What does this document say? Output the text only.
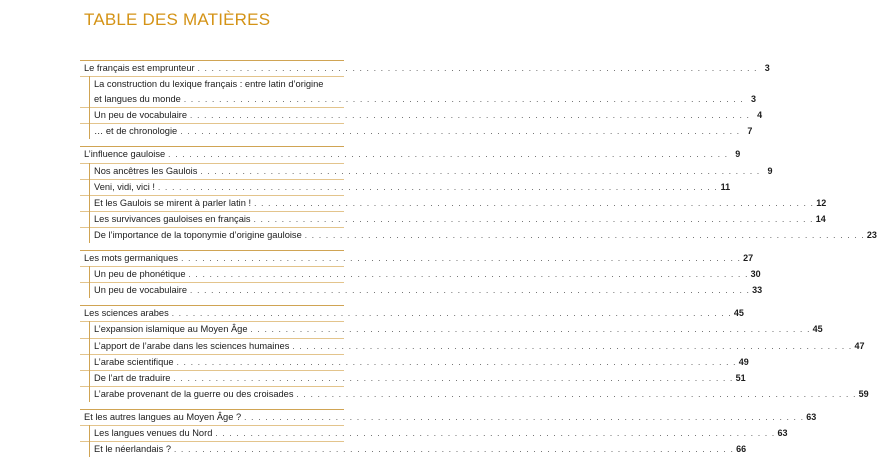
TABLE DES MATIÈRES
Le français est emprunteur . . . . . . . . . . . . . . . . . . . . . . . . . . . . . . . . . . . . . . . . . . . . . . . . . . . . . . . . . . . . . . . . . . . . . . . . . . . . . . . . 3
La construction du lexique français : entre latin d’origine
et langues du monde . . . . . . . . . . . . . . . . . . . . . . . . . . . . . . . . . . . . . . . . . . . . . . . . . . . . . . . . . . . . . . . . . . . . . . . . . . . . . . . . 3
Un peu de vocabulaire . . . . . . . . . . . . . . . . . . . . . . . . . . . . . . . . . . . . . . . . . . . . . . . . . . . . . . . . . . . . . . . . . . . . . . . . . . . . . . . . 4
… et de chronologie . . . . . . . . . . . . . . . . . . . . . . . . . . . . . . . . . . . . . . . . . . . . . . . . . . . . . . . . . . . . . . . . . . . . . . . . . . . . . . . . 7
L’influence gauloise . . . . . . . . . . . . . . . . . . . . . . . . . . . . . . . . . . . . . . . . . . . . . . . . . . . . . . . . . . . . . . . . . . . . . . . . . . . . . . . . 9
Nos ancêtres les Gaulois . . . . . . . . . . . . . . . . . . . . . . . . . . . . . . . . . . . . . . . . . . . . . . . . . . . . . . . . . . . . . . . . . . . . . . . . . . . . . . . . 9
Veni, vidi, vici ! . . . . . . . . . . . . . . . . . . . . . . . . . . . . . . . . . . . . . . . . . . . . . . . . . . . . . . . . . . . . . . . . . . . . . . . . . . . . . . . . 11
Et les Gaulois se mirent à parler latin ! . . . . . . . . . . . . . . . . . . . . . . . . . . . . . . . . . . . . . . . . . . . . . . . . . . . . . . . . . . . . . . . . . . . . . . . . . . . . . . . . 12
Les survivances gauloises en français . . . . . . . . . . . . . . . . . . . . . . . . . . . . . . . . . . . . . . . . . . . . . . . . . . . . . . . . . . . . . . . . . . . . . . . . . . . . . . . . 14
De l’importance de la toponymie d’origine gauloise . . . . . . . . . . . . . . . . . . . . . . . . . . . . . . . . . . . . . . . . . . . . . . . . . . . . . . . . . . . . . . . . . . . . . . . . . . . . . . . . 23
Les mots germaniques . . . . . . . . . . . . . . . . . . . . . . . . . . . . . . . . . . . . . . . . . . . . . . . . . . . . . . . . . . . . . . . . . . . . . . . . . . . . . . . . 27
Un peu de phonétique . . . . . . . . . . . . . . . . . . . . . . . . . . . . . . . . . . . . . . . . . . . . . . . . . . . . . . . . . . . . . . . . . . . . . . . . . . . . . . . . 30
Un peu de vocabulaire . . . . . . . . . . . . . . . . . . . . . . . . . . . . . . . . . . . . . . . . . . . . . . . . . . . . . . . . . . . . . . . . . . . . . . . . . . . . . . . . 33
Les sciences arabes . . . . . . . . . . . . . . . . . . . . . . . . . . . . . . . . . . . . . . . . . . . . . . . . . . . . . . . . . . . . . . . . . . . . . . . . . . . . . . . . 45
L’expansion islamique au Moyen Âge . . . . . . . . . . . . . . . . . . . . . . . . . . . . . . . . . . . . . . . . . . . . . . . . . . . . . . . . . . . . . . . . . . . . . . . . . . . . . . . . 45
L’apport de l’arabe dans les sciences humaines . . . . . . . . . . . . . . . . . . . . . . . . . . . . . . . . . . . . . . . . . . . . . . . . . . . . . . . . . . . . . . . . . . . . . . . . . . . . . . . . 47
L’arabe scientifique . . . . . . . . . . . . . . . . . . . . . . . . . . . . . . . . . . . . . . . . . . . . . . . . . . . . . . . . . . . . . . . . . . . . . . . . . . . . . . . . 49
De l’art de traduire . . . . . . . . . . . . . . . . . . . . . . . . . . . . . . . . . . . . . . . . . . . . . . . . . . . . . . . . . . . . . . . . . . . . . . . . . . . . . . . . 51
L’arabe provenant de la guerre ou des croisades . . . . . . . . . . . . . . . . . . . . . . . . . . . . . . . . . . . . . . . . . . . . . . . . . . . . . . . . . . . . . . . . . . . . . . . . . . . . . . . . 59
Et les autres langues au Moyen Âge ? . . . . . . . . . . . . . . . . . . . . . . . . . . . . . . . . . . . . . . . . . . . . . . . . . . . . . . . . . . . . . . . . . . . . . . . . . . . . . . . . 63
Les langues venues du Nord . . . . . . . . . . . . . . . . . . . . . . . . . . . . . . . . . . . . . . . . . . . . . . . . . . . . . . . . . . . . . . . . . . . . . . . . . . . . . . . . 63
Et le néerlandais ? . . . . . . . . . . . . . . . . . . . . . . . . . . . . . . . . . . . . . . . . . . . . . . . . . . . . . . . . . . . . . . . . . . . . . . . . . . . . . . . . 66
